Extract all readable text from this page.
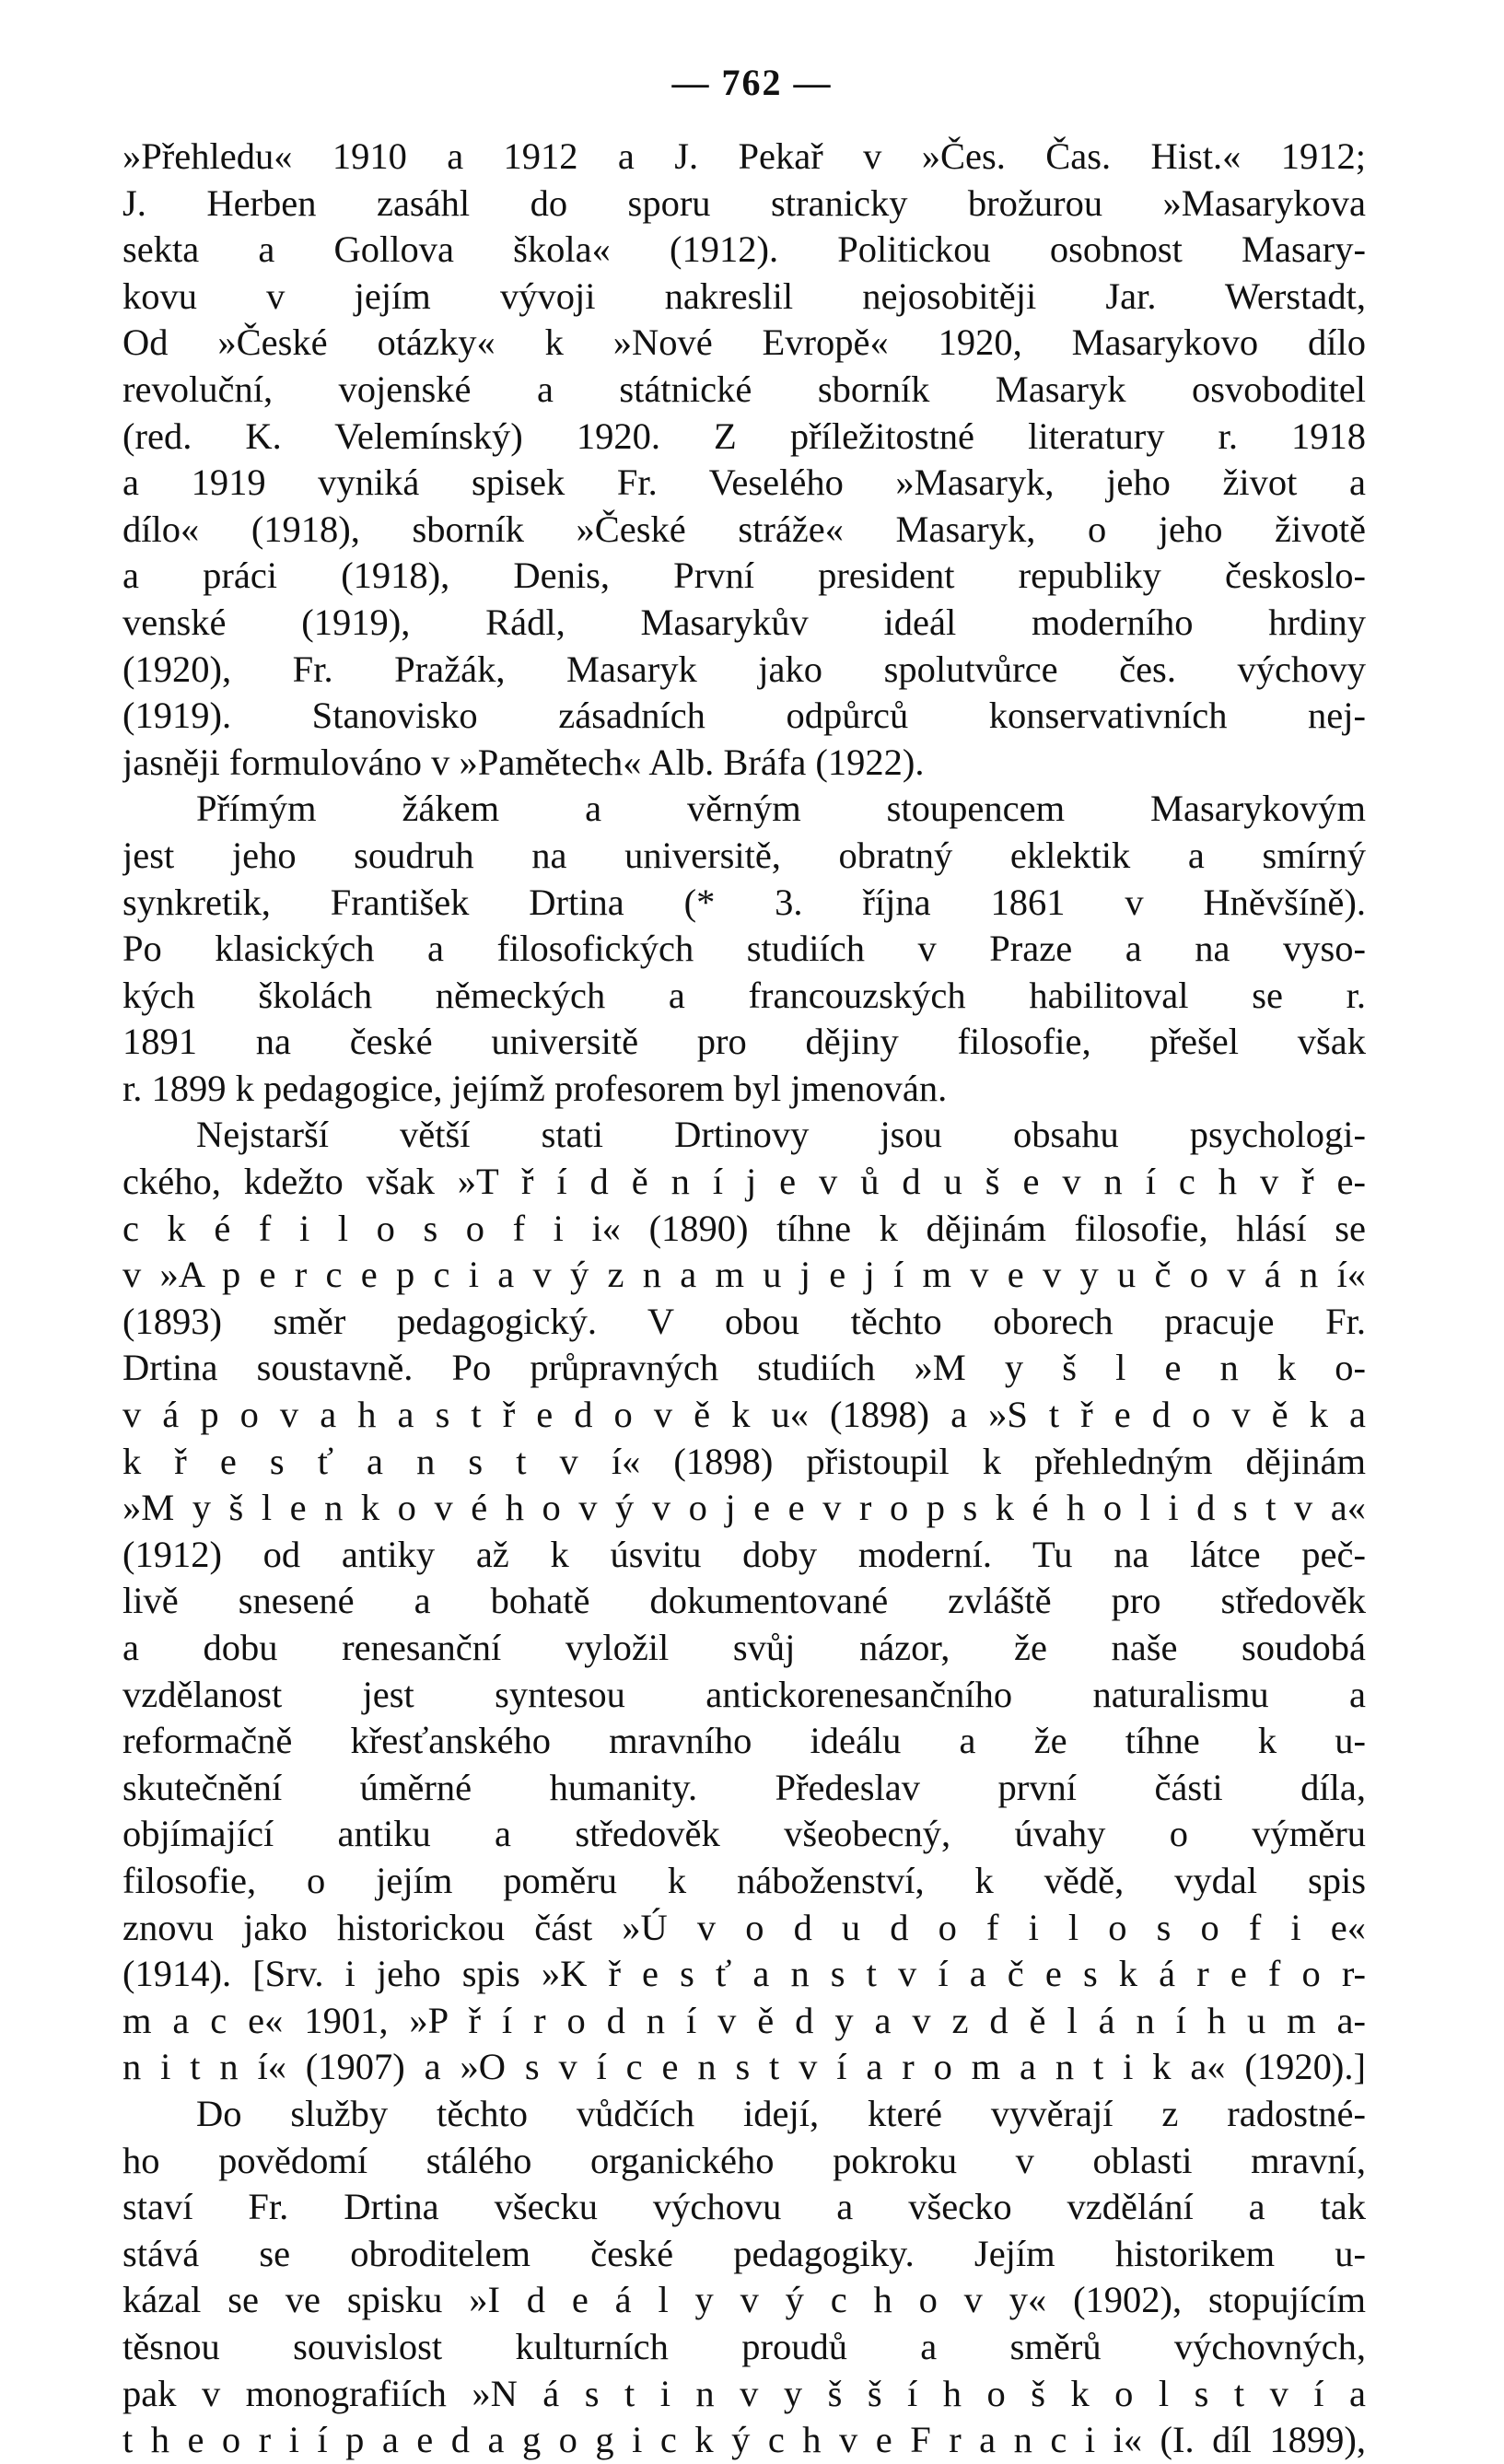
— 762 —
»Přehledu« 1910 a 1912 a J. Pekař v »Čes. Čas. Hist.« 1912;
J. Herben zasáhl do sporu stranicky brožurou »Masarykova
sekta a Gollova škola« (1912). Politickou osobnost Masary-
kovu v jejím vývoji nakreslil nejosobitěji Jar. Werstadt,
Od »České otázky« k »Nové Evropě« 1920, Masarykovo dílo
revoluční, vojenské a státnické sborník Masaryk osvoboditel
(red. K. Velemínský) 1920. Z příležitostné literatury r. 1918
a 1919 vyniká spisek Fr. Veselého »Masaryk, jeho život a
dílo« (1918), sborník »České stráže« Masaryk, o jeho životě
a práci (1918), Denis, První president republiky českoslo-
venské (1919), Rádl, Masarykův ideál moderního hrdiny
(1920), Fr. Pražák, Masaryk jako spolutvůrce čes. výchovy
(1919). Stanovisko zásadních odpůrců konservativních nej-
jasněji formulováno v »Pamětech« Alb. Bráfa (1922).
Přímým žákem a věrným stoupencem Masarykovým
jest jeho soudruh na universitě, obratný eklektik a smírný
synkretik, František Drtina (* 3. října 1861 v Hněvšíně).
Po klasických a filosofických studiích v Praze a na vyso-
kých školách německých a francouzských habilitoval se r.
1891 na české universitě pro dějiny filosofie, přešel však
r. 1899 k pedagogice, jejímž profesorem byl jmenován.
Nejstarší větší stati Drtinovy jsou obsahu psychologi-
ckého, kdežto však »T ř í d ě n í j e v ů d u š e v n í c h v ř e-
c k é f i l o s o f i i« (1890) tíhne k dějinám filosofie, hlásí se
v »A p e r c e p c i a v ý z n a m u j e j í m v e v y u č o v á n í«
(1893) směr pedagogický. V obou těchto oborech pracuje Fr.
Drtina soustavně. Po průpravných studiích »M y š l e n k o-
v á p o v a h a s t ř e d o v ě k u« (1898) a »S t ř e d o v ě k a
k ř e s ť a n s t v í« (1898) přistoupil k přehledným dějinám
»M y š l e n k o v é h o v ý v o j e e v r o p s k é h o l i d s t v a«
(1912) od antiky až k úsvitu doby moderní. Tu na látce peč-
livě snesené a bohatě dokumentované zvláště pro středověk
a dobu renesanční vyložil svůj názor, že naše soudobá
vzdělanost jest syntesou antickorenesančního naturalismu a
reformačně křesťanského mravního ideálu a že tíhne k u-
skutečnění úměrné humanity. Předeslav první části díla,
objímající antiku a středověk všeobecný, úvahy o výměru
filosofie, o jejím poměru k náboženství, k vědě, vydal spis
znovu jako historickou část »Ú v o d u d o f i l o s o f i e«
(1914). [Srv. i jeho spis »K ř e s ť a n s t v í a č e s k á r e f o r-
m a c e« 1901, »P ř í r o d n í v ě d y a v z d ě l á n í h u m a-
n i t n í« (1907) a »O s v í c e n s t v í a r o m a n t i k a« (1920).]
Do služby těchto vůdčích idejí, které vyvěrají z radostné-
ho povědomí stálého organického pokroku v oblasti mravní,
staví Fr. Drtina všecku výchovu a všecko vzdělání a tak
stává se obroditelem české pedagogiky. Jejím historikem u-
kázal se ve spisku »I d e á l y v ý c h o v y« (1902), stopujícím
těsnou souvislost kulturních proudů a směrů výchovných,
pak v monografiích »N á s t i n v y š š í h o š k o l s t v í a
t h e o r i í p a e d a g o g i c k ý c h v e F r a n c i i« (I. díl 1899),
